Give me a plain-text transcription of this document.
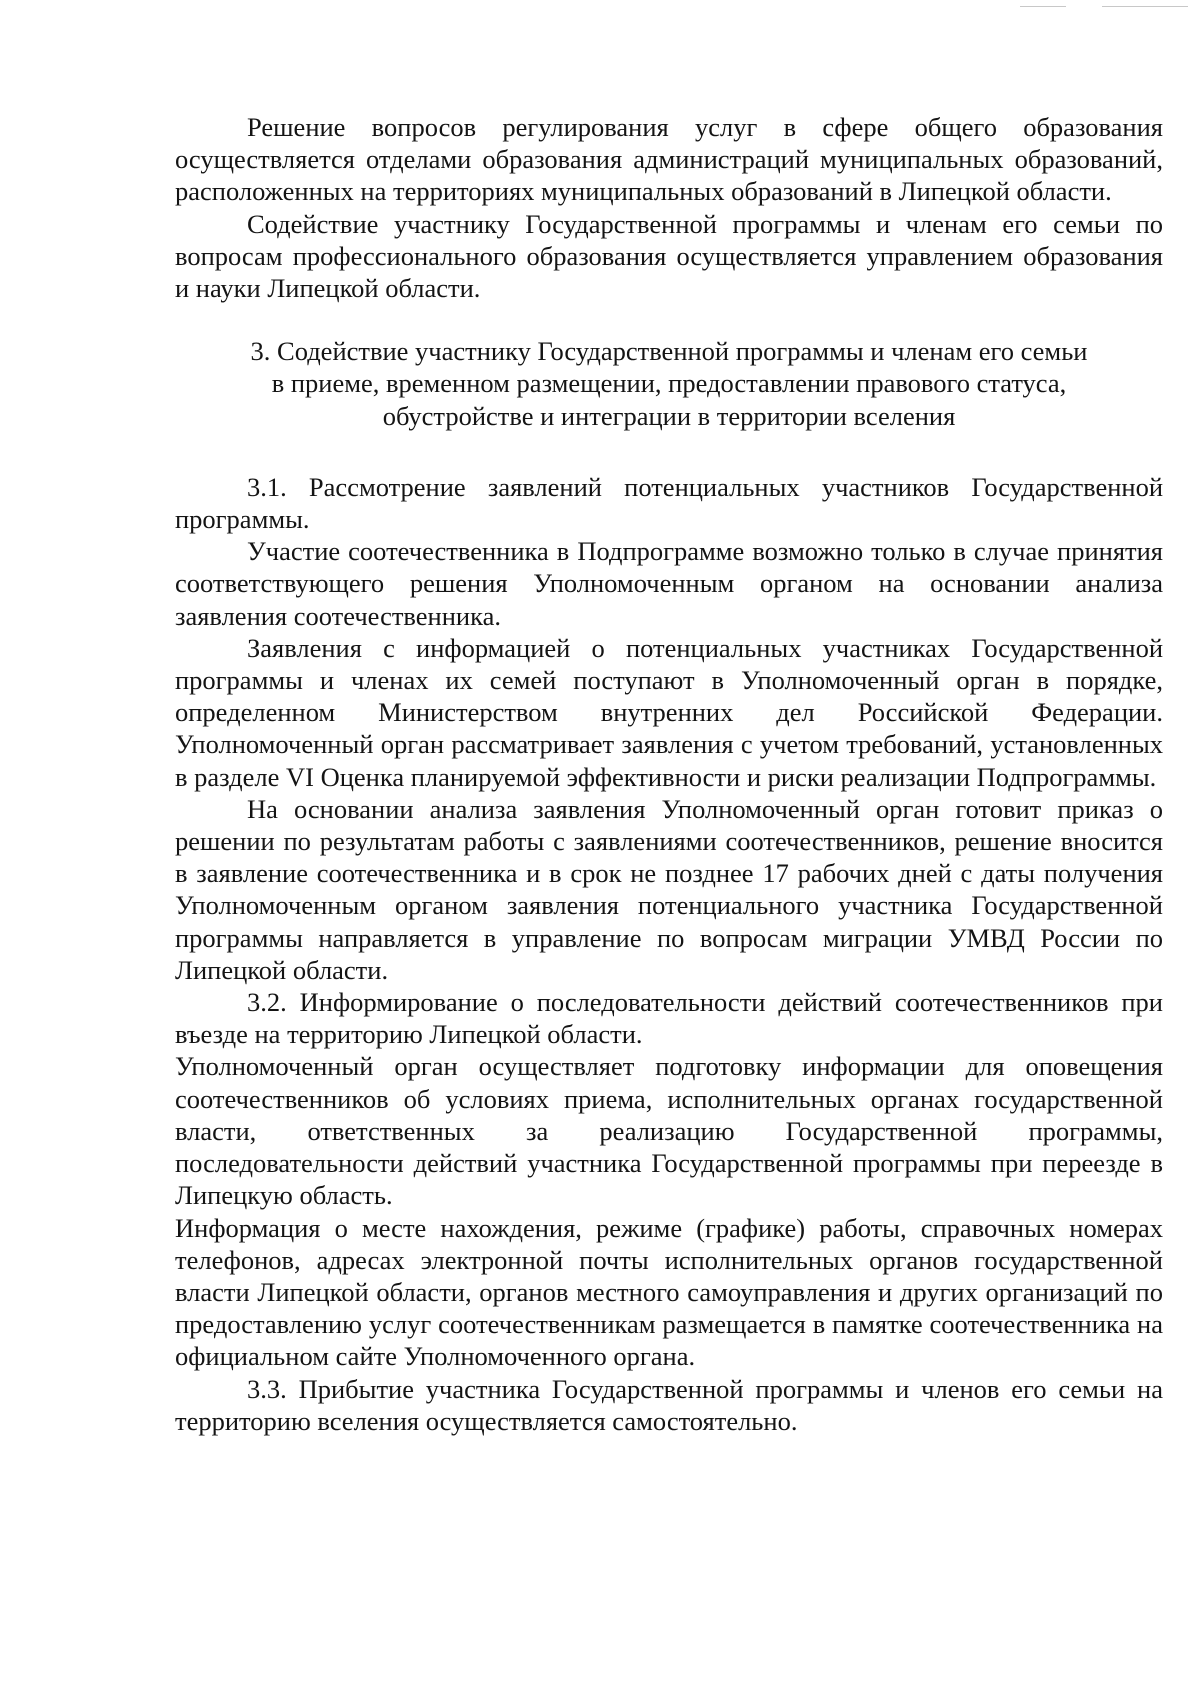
Решение вопросов регулирования услуг в сфере общего образования осуществляется отделами образования администраций муниципальных образований, расположенных на территориях муниципальных образований в Липецкой области.

Содействие участнику Государственной программы и членам его семьи по вопросам профессионального образования осуществляется управлением образования и науки Липецкой области.

3. Содействие участнику Государственной программы и членам его семьи
в приеме, временном размещении, предоставлении правового статуса,
обустройстве и интеграции в территории вселения

3.1. Рассмотрение заявлений потенциальных участников Государственной программы.

Участие соотечественника в Подпрограмме возможно только в случае принятия соответствующего решения Уполномоченным органом на основании анализа заявления соотечественника.

Заявления с информацией о потенциальных участниках Государственной программы и членах их семей поступают в Уполномоченный орган в порядке, определенном Министерством внутренних дел Российской Федерации. Уполномоченный орган рассматривает заявления с учетом требований, установленных в разделе VI Оценка планируемой эффективности и риски реализации Подпрограммы.

На основании анализа заявления Уполномоченный орган готовит приказ о решении по результатам работы с заявлениями соотечественников, решение вносится в заявление соотечественника и в срок не позднее 17 рабочих дней с даты получения Уполномоченным органом заявления потенциального участника Государственной программы направляется в управление по вопросам миграции УМВД России по Липецкой области.

3.2. Информирование о последовательности действий соотечественников при въезде на территорию Липецкой области.

Уполномоченный орган осуществляет подготовку информации для оповещения соотечественников об условиях приема, исполнительных органах государственной власти, ответственных за реализацию Государственной программы, последовательности действий участника Государственной программы при переезде в Липецкую область.

Информация о месте нахождения, режиме (графике) работы, справочных номерах телефонов, адресах электронной почты исполнительных органов государственной власти Липецкой области, органов местного самоуправления и других организаций по предоставлению услуг соотечественникам размещается в памятке соотечественника на официальном сайте Уполномоченного органа.

3.3. Прибытие участника Государственной программы и членов его семьи на территорию вселения осуществляется самостоятельно.
